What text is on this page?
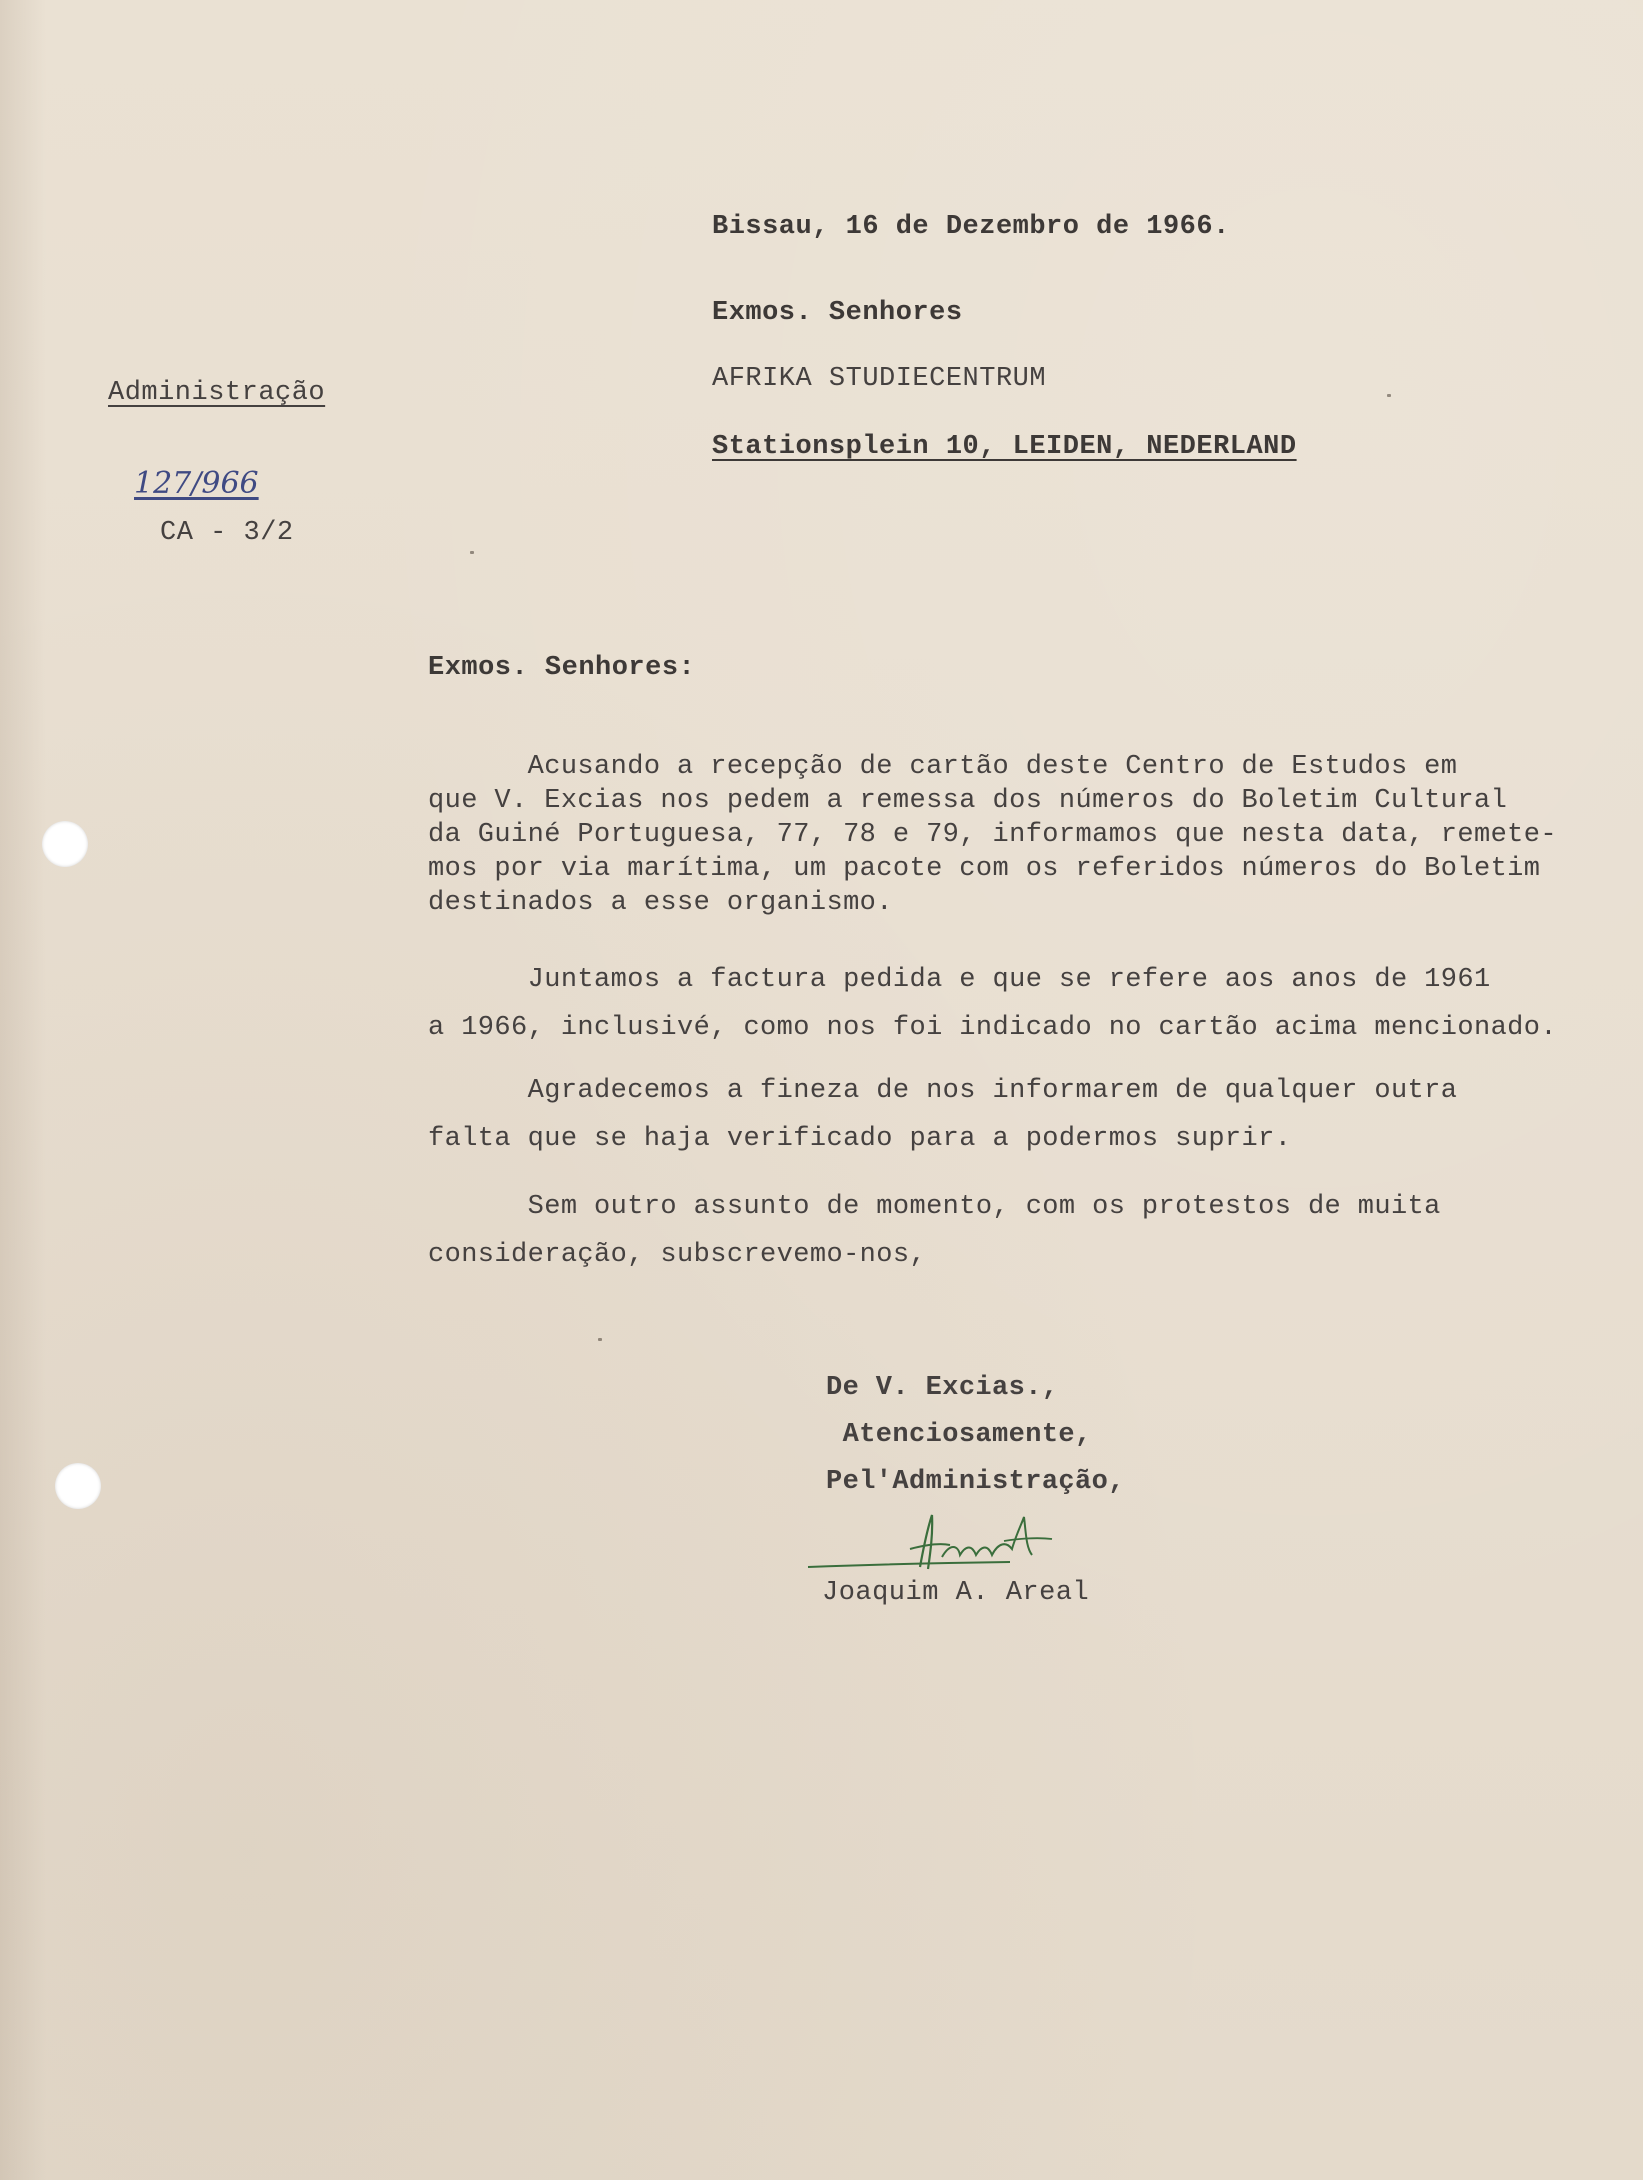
Bissau, 16 de Dezembro de 1966.
Exmos. Senhores
AFRIKA STUDIECENTRUM
Stationsplein 10, LEIDEN, NEDERLAND
Administração
127/966
CA - 3/2
Exmos. Senhores:
Acusando a recepção de cartão deste Centro de Estudos em
que V. Excias nos pedem a remessa dos números do Boletim Cultural
da Guiné Portuguesa, 77, 78 e 79, informamos que nesta data, remete-
mos por via marítima, um pacote com os referidos números do Boletim
destinados a esse organismo.
Juntamos a factura pedida e que se refere aos anos de 1961
a 1966, inclusivé, como nos foi indicado no cartão acima mencionado.
Agradecemos a fineza de nos informarem de qualquer outra
falta que se haja verificado para a podermos suprir.
Sem outro assunto de momento, com os protestos de muita
consideração, subscrevemo-nos,
De V. Excias.,
Atenciosamente,
Pel'Administração,
Joaquim A. Areal
